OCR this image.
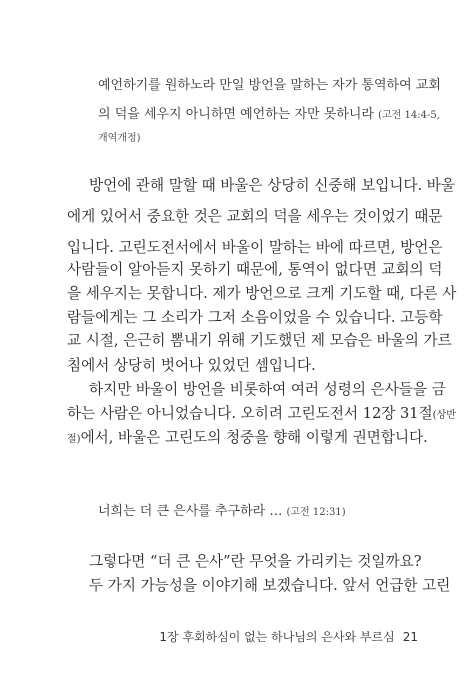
예언하기를 원하노라 만일 방언을 말하는 자가 통역하여 교회
의 덕을 세우지 아니하면 예언하는 자만 못하니라 (고전 14:4-5,
개역개정)
방언에 관해 말할 때 바울은 상당히 신중해 보입니다. 바울
에게 있어서 중요한 것은 교회의 덕을 세우는 것이었기 때문
입니다. 고린도전서에서 바울이 말하는 바에 따르면, 방언은
사람들이 알아듣지 못하기 때문에, 통역이 없다면 교회의 덕
을 세우지는 못합니다. 제가 방언으로 크게 기도할 때, 다른 사
람들에게는 그 소리가 그저 소음이었을 수 있습니다. 고등학
교 시절, 은근히 뽐내기 위해 기도했던 제 모습은 바울의 가르
침에서 상당히 벗어나 있었던 셈입니다.
하지만 바울이 방언을 비롯하여 여러 성령의 은사들을 금
하는 사람은 아니었습니다. 오히려 고린도전서 12장 31절(상반
절)에서, 바울은 고린도의 청중을 향해 이렇게 권면합니다.
너희는 더 큰 은사를 추구하라 … (고전 12:31)
그렇다면 “더 큰 은사”란 무엇을 가리키는 것일까요?
두 가지 가능성을 이야기해 보겠습니다. 앞서 언급한 고린
1장 후회하심이 없는 하나님의 은사와 부르심 21
